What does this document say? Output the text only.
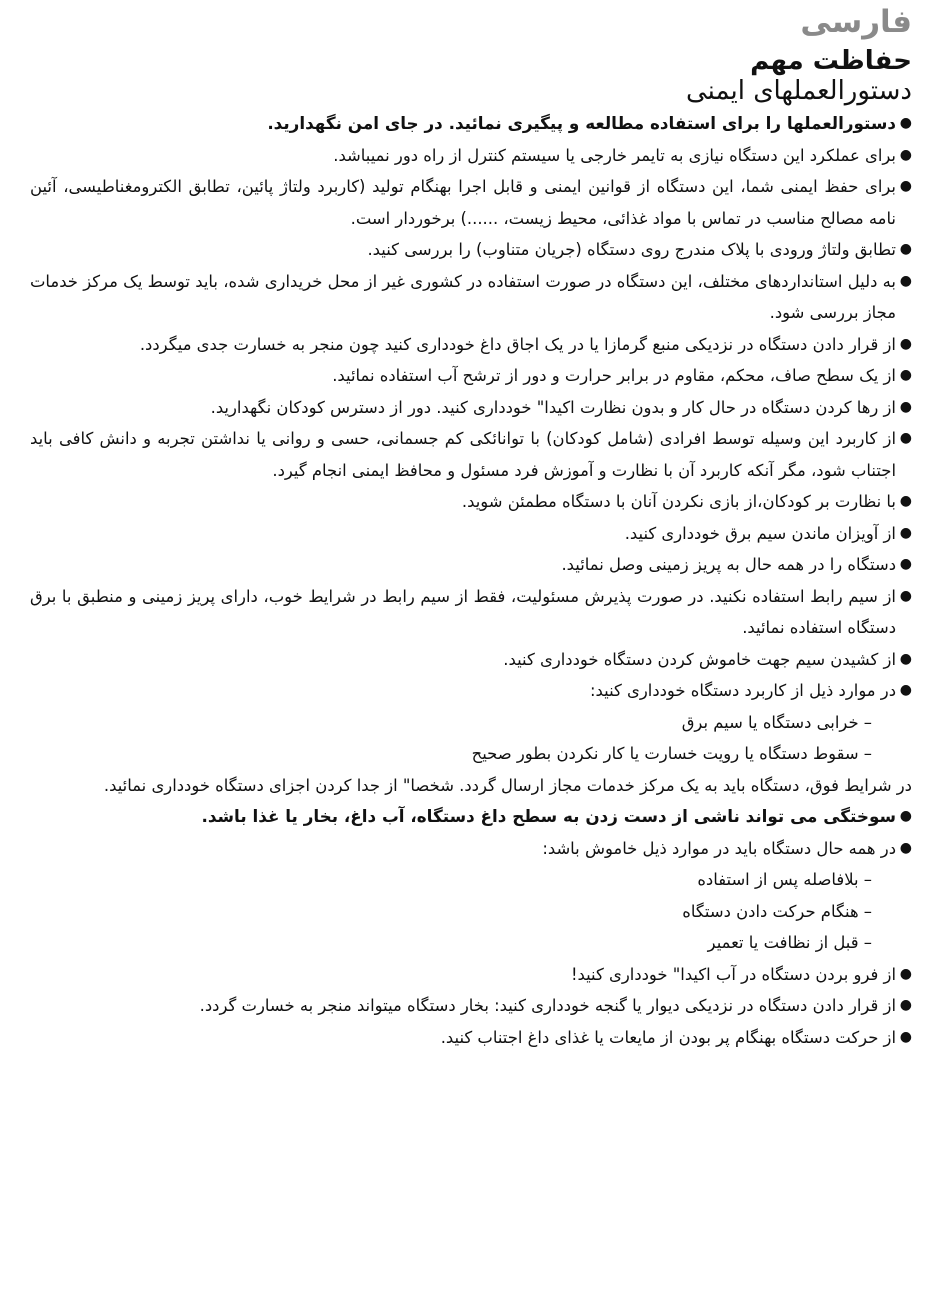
فارسی
حفاظت مهم
دستورالعملهای ایمنی
●
دستورالعملها را برای استفاده مطالعه و پیگیری نمائید. در جای امن نگهدارید.
●
برای عملکرد این دستگاه نیازی به تایمر خارجی یا سیستم کنترل از راه دور نمیباشد.
●
برای حفظ ایمنی شما، این دستگاه از قوانین ایمنی و قابل اجرا بهنگام تولید (کاربرد ولتاژ پائین، تطابق الکترومغناطیسی، آئین نامه مصالح مناسب در تماس با مواد غذائی، محیط زیست، ......) برخوردار است.
●
تطابق ولتاژ ورودی با پلاک مندرج روی دستگاه (جریان متناوب) را بررسی کنید.
●
به دلیل استانداردهای مختلف، این دستگاه در صورت استفاده در کشوری غیر از محل خریداری شده، باید توسط یک مرکز خدمات مجاز بررسی شود.
●
از قرار دادن دستگاه در نزدیکی منبع گرمازا یا در یک اجاق داغ خودداری کنید چون منجر به خسارت جدی میگردد.
●
از یک سطح صاف، محکم، مقاوم در برابر حرارت و دور از ترشح آب استفاده نمائید.
●
از رها کردن دستگاه در حال کار و بدون نظارت اکیدا" خودداری کنید. دور از دسترس کودکان نگهدارید.
●
از کاربرد این وسیله توسط افرادی (شامل کودکان) با توانائکی کم جسمانی، حسی و روانی یا نداشتن تجربه و دانش کافی باید اجتناب شود، مگر آنکه کاربرد آن با نظارت و آموزش فرد مسئول و محافظ ایمنی انجام گیرد.
●
با نظارت بر کودکان،از بازی نکردن آنان با دستگاه مطمئن شوید.
●
از آویزان ماندن سیم برق خودداری کنید.
●
دستگاه را در همه حال به پریز زمینی وصل نمائید.
●
از سیم رابط استفاده نکنید. در صورت پذیرش مسئولیت، فقط از سیم رابط در شرایط خوب، دارای پریز زمینی و منطبق با برق دستگاه استفاده نمائید.
●
از کشیدن سیم جهت خاموش کردن دستگاه خودداری کنید.
●
در موارد ذیل از کاربرد دستگاه خودداری کنید:
– خرابی دستگاه یا سیم برق
– سقوط دستگاه یا رویت خسارت یا کار نکردن بطور صحیح
در شرایط فوق، دستگاه باید به یک مرکز خدمات مجاز ارسال گردد. شخصا" از جدا کردن اجزای دستگاه خودداری نمائید.
●
سوختگی می تواند ناشی از دست زدن به سطح داغ دستگاه، آب داغ، بخار یا غذا باشد.
●
در همه حال دستگاه باید در موارد ذیل خاموش باشد:
– بلافاصله پس از استفاده
– هنگام حرکت دادن دستگاه
– قبل از نظافت یا تعمیر
●
از فرو بردن دستگاه در آب اکیدا" خودداری کنید!
●
از قرار دادن دستگاه در نزدیکی دیوار یا گنجه خودداری کنید: بخار دستگاه میتواند منجر به خسارت گردد.
●
از حرکت دستگاه بهنگام پر بودن از مایعات یا غذای داغ اجتناب کنید.
